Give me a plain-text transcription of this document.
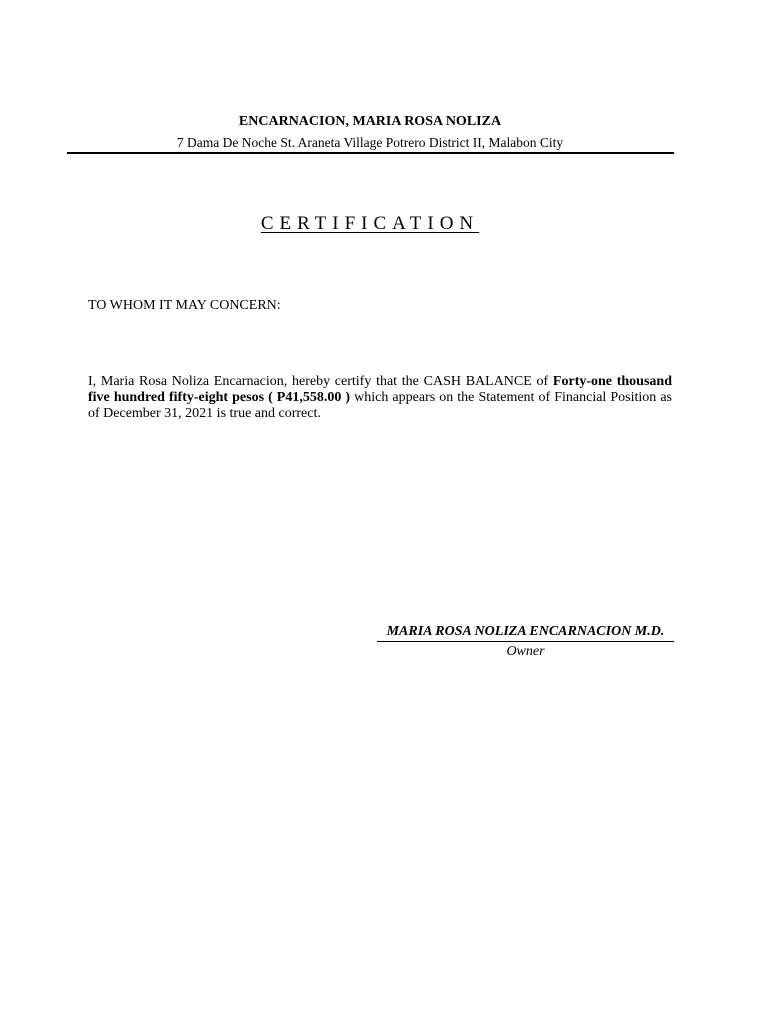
ENCARNACION, MARIA ROSA NOLIZA
7 Dama De Noche St. Araneta Village Potrero District II, Malabon City
CERTIFICATION
TO WHOM IT MAY CONCERN:
I, Maria Rosa Noliza Encarnacion, hereby certify that the CASH BALANCE of Forty-one thousand five hundred fifty-eight pesos ( P41,558.00 ) which appears on the Statement of Financial Position as of December 31, 2021 is true and correct.
MARIA ROSA NOLIZA ENCARNACION M.D.
Owner
